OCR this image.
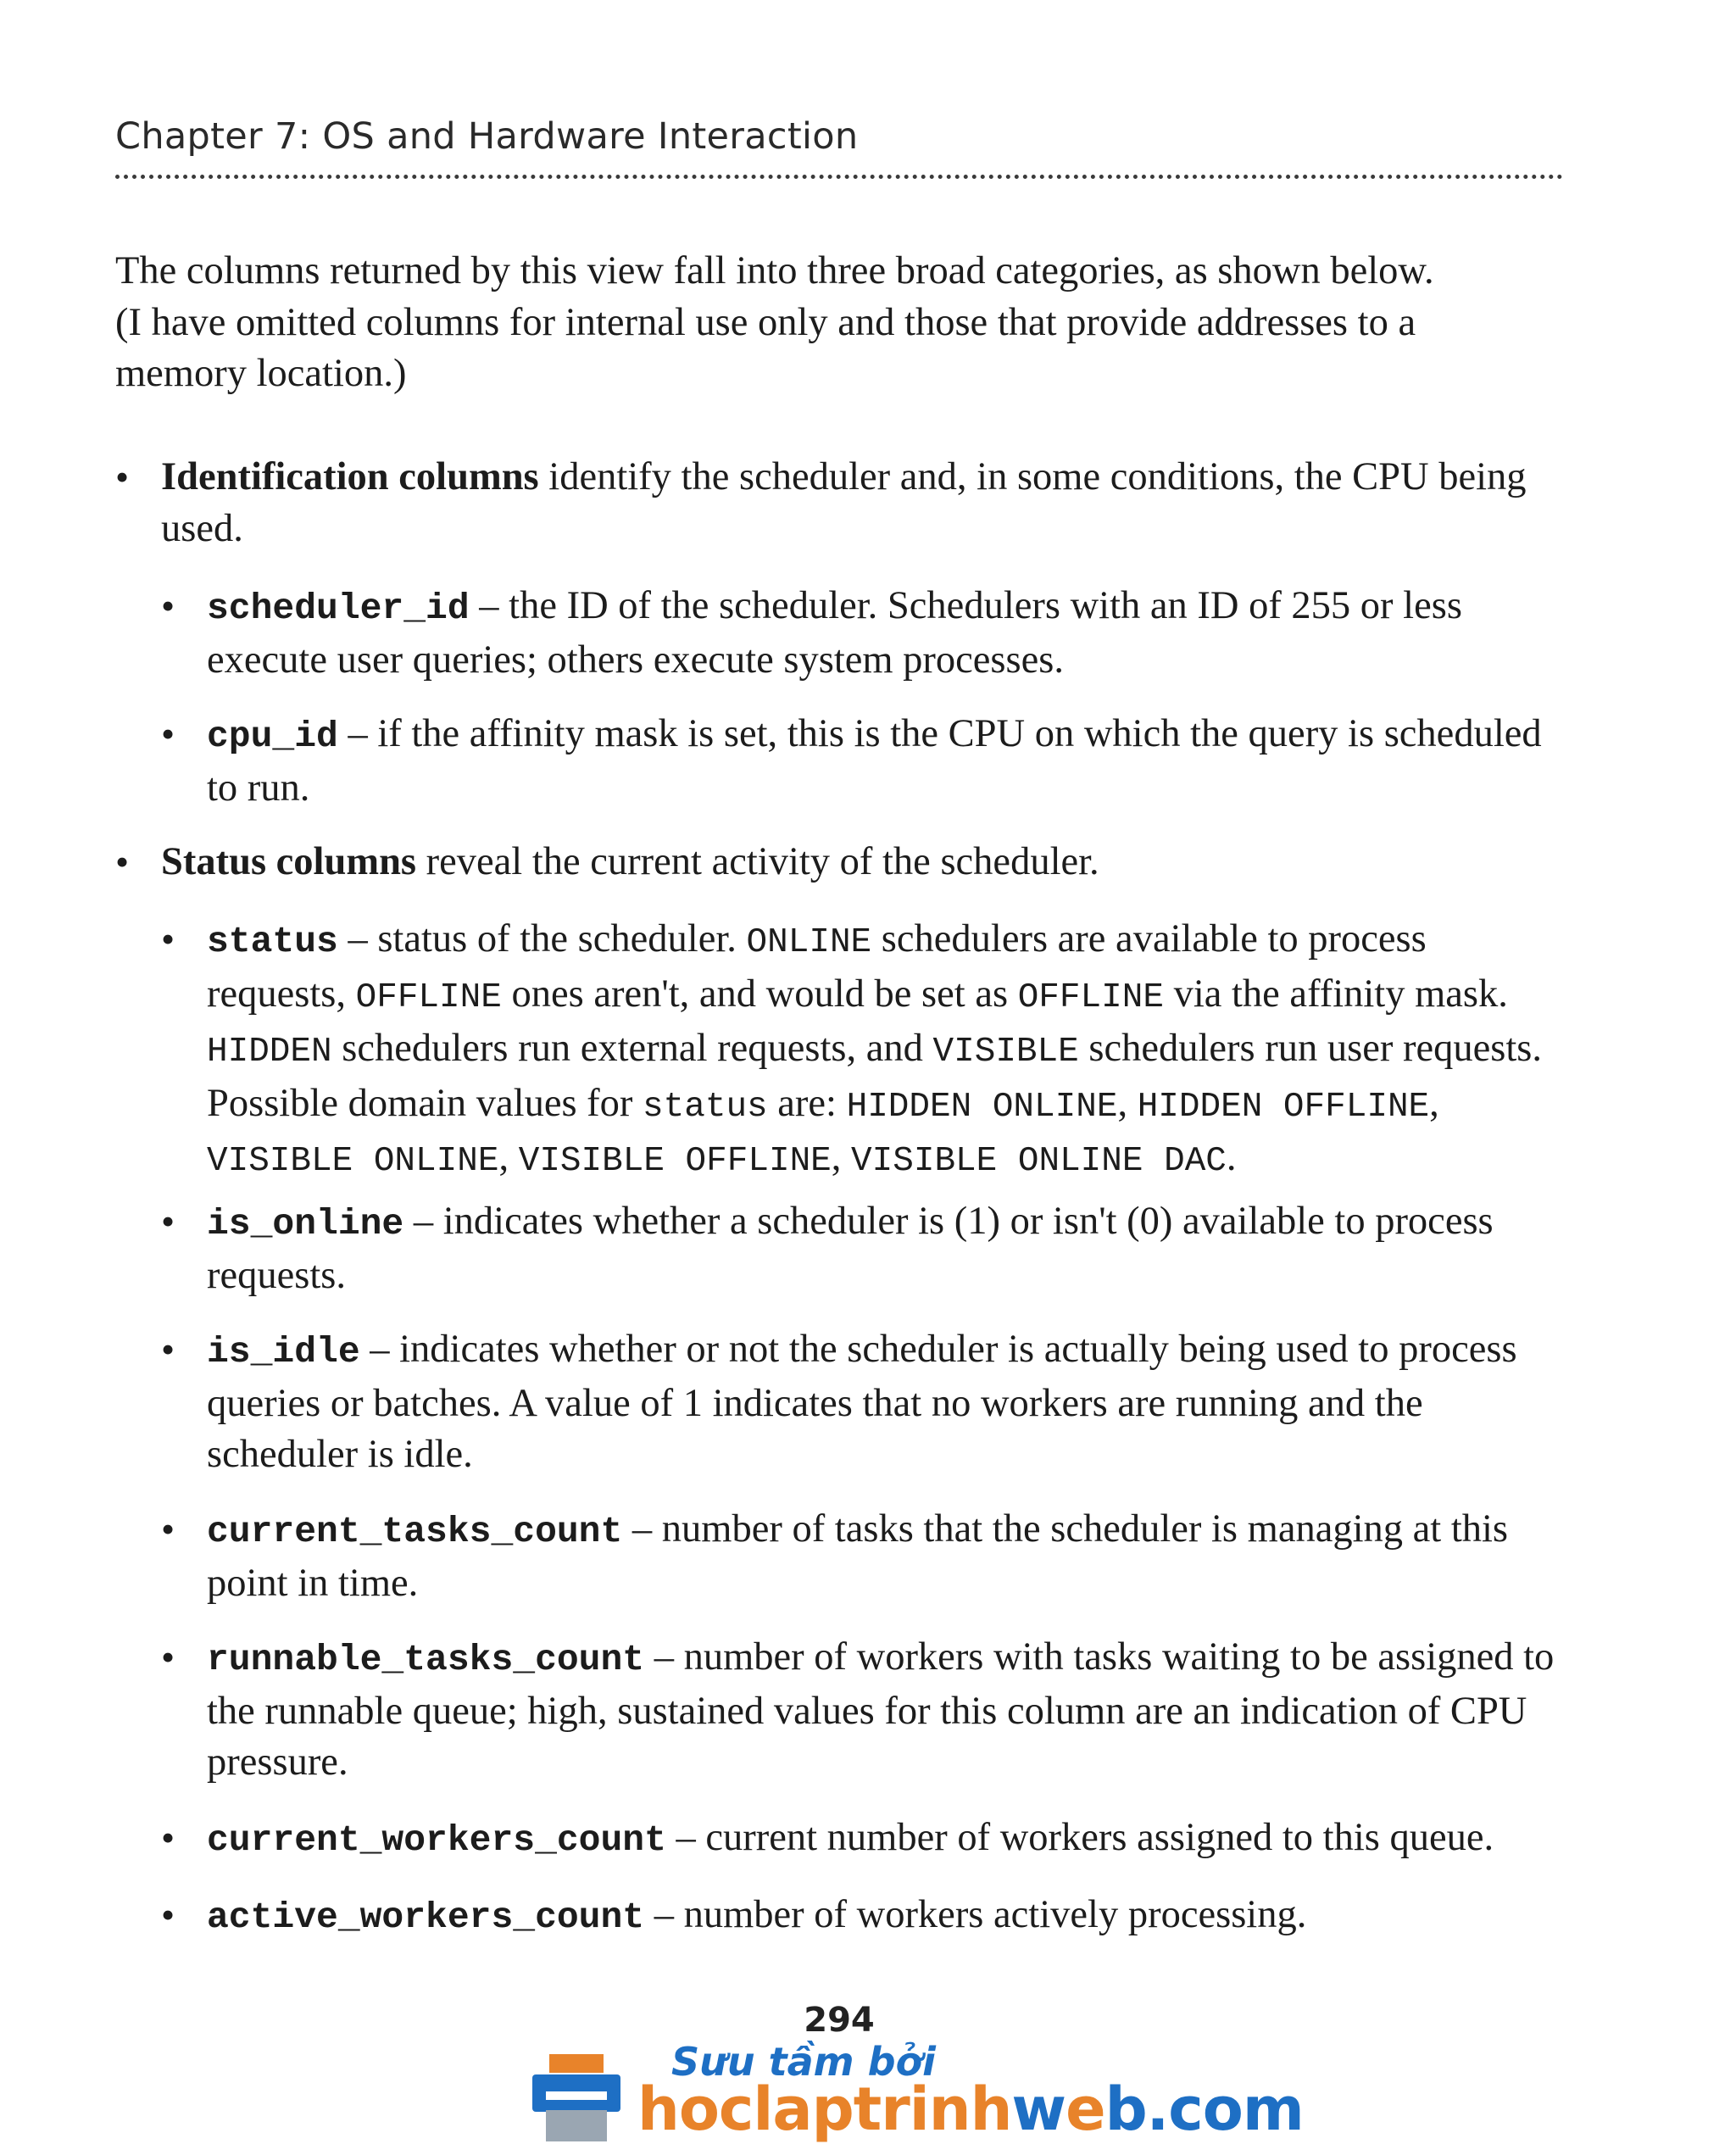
Chapter 7: OS and Hardware Interaction

The columns returned by this view fall into three broad categories, as shown below.

(I have omitted columns for internal use only and those that provide addresses to a

memory location.)

• Identification columns identify the scheduler and, in some conditions, the CPU being used.
• scheduler_id – the ID of the scheduler. Schedulers with an ID of 255 or less execute user queries; others execute system processes.
• cpu_id – if the affinity mask is set, this is the CPU on which the query is scheduled to run.
• Status columns reveal the current activity of the scheduler.
• status – status of the scheduler. ONLINE schedulers are available to process requests, OFFLINE ones aren't, and would be set as OFFLINE via the affinity mask. HIDDEN schedulers run external requests, and VISIBLE schedulers run user requests. Possible domain values for status are: HIDDEN ONLINE, HIDDEN OFFLINE, VISIBLE ONLINE, VISIBLE OFFLINE, VISIBLE ONLINE DAC.
• is_online – indicates whether a scheduler is (1) or isn't (0) available to process requests.
• is_idle – indicates whether or not the scheduler is actually being used to process queries or batches. A value of 1 indicates that no workers are running and the scheduler is idle.
• current_tasks_count – number of tasks that the scheduler is managing at this point in time.
• runnable_tasks_count – number of workers with tasks waiting to be assigned to the runnable queue; high, sustained values for this column are an indication of CPU pressure.
• current_workers_count – current number of workers assigned to this queue.
• active_workers_count – number of workers actively processing.
294
Sưu tầm bởi
hoclaptrinhweb.com
